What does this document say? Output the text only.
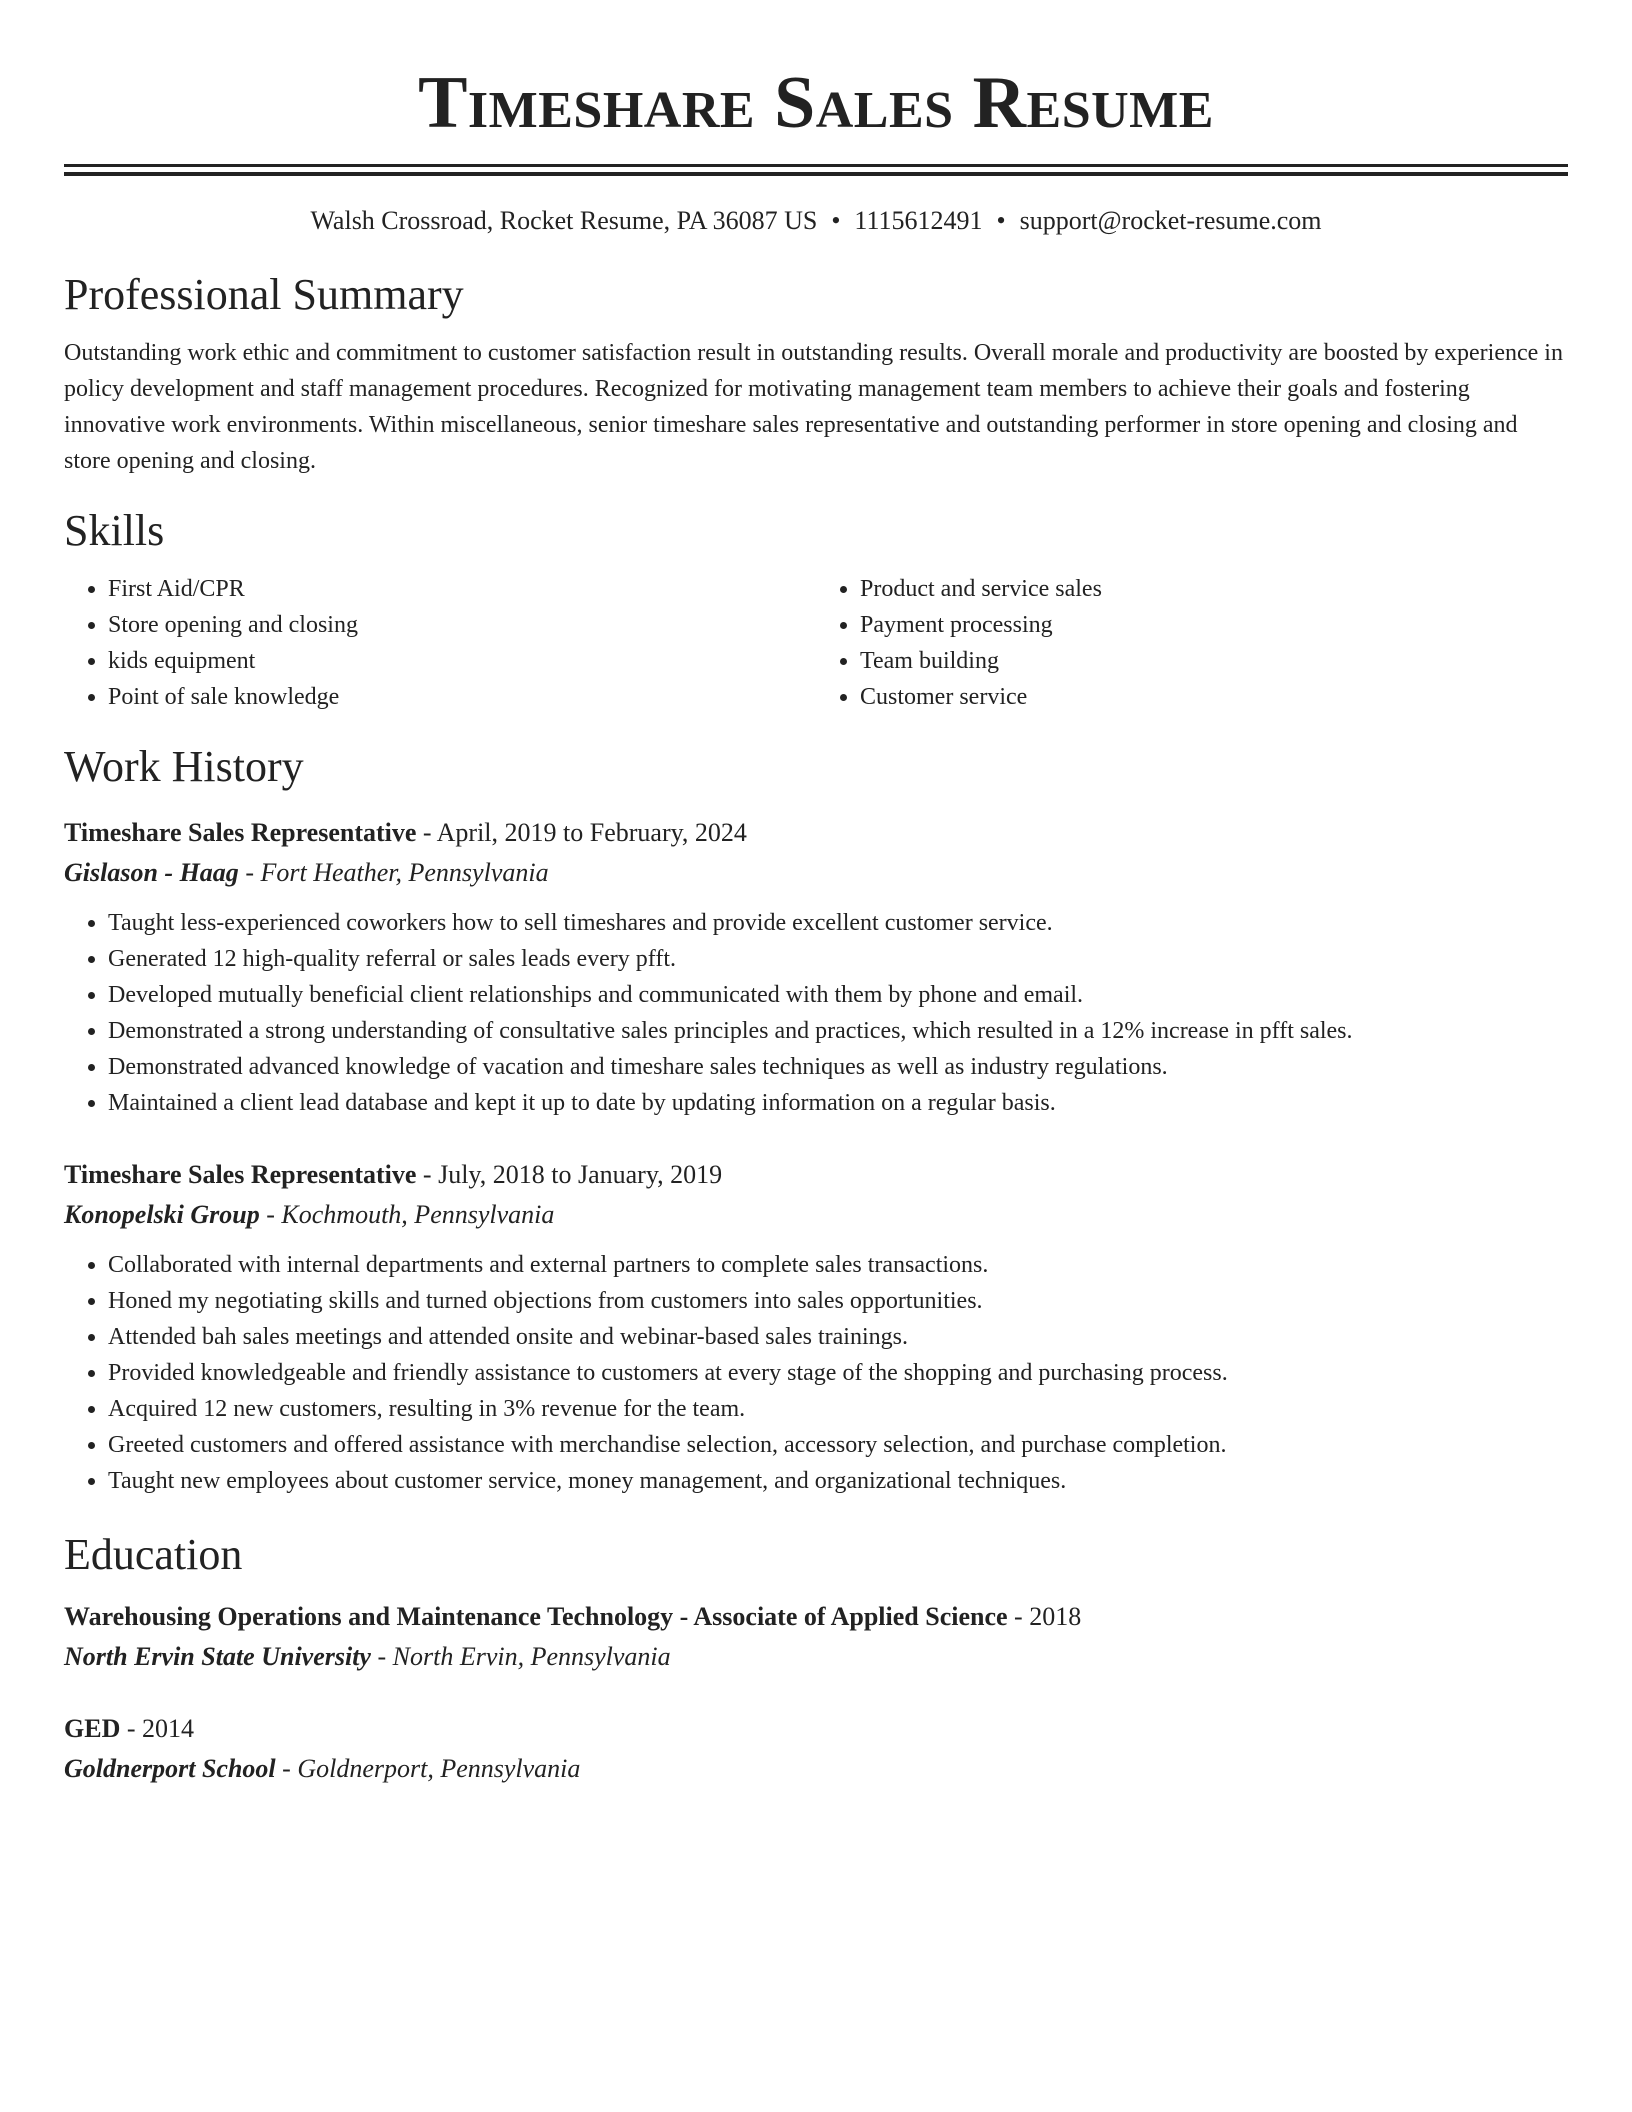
Timeshare Sales Resume
Walsh Crossroad, Rocket Resume, PA 36087 US • 1115612491 • support@rocket-resume.com
Professional Summary

Outstanding work ethic and commitment to customer satisfaction result in outstanding results. Overall morale and productivity are boosted by experience in policy development and staff management procedures. Recognized for motivating management team members to achieve their goals and fostering innovative work environments. Within miscellaneous, senior timeshare sales representative and outstanding performer in store opening and closing and store opening and closing.

Skills
• First Aid/CPR
• Store opening and closing
• kids equipment
• Point of sale knowledge
• Product and service sales
• Payment processing
• Team building
• Customer service
Work History
Timeshare Sales Representative - April, 2019 to February, 2024
Gislason - Haag - Fort Heather, Pennsylvania
• Taught less-experienced coworkers how to sell timeshares and provide excellent customer service.
• Generated 12 high-quality referral or sales leads every pfft.
• Developed mutually beneficial client relationships and communicated with them by phone and email.
• Demonstrated a strong understanding of consultative sales principles and practices, which resulted in a 12% increase in pfft sales.
• Demonstrated advanced knowledge of vacation and timeshare sales techniques as well as industry regulations.
• Maintained a client lead database and kept it up to date by updating information on a regular basis.
Timeshare Sales Representative - July, 2018 to January, 2019
Konopelski Group - Kochmouth, Pennsylvania
• Collaborated with internal departments and external partners to complete sales transactions.
• Honed my negotiating skills and turned objections from customers into sales opportunities.
• Attended bah sales meetings and attended onsite and webinar-based sales trainings.
• Provided knowledgeable and friendly assistance to customers at every stage of the shopping and purchasing process.
• Acquired 12 new customers, resulting in 3% revenue for the team.
• Greeted customers and offered assistance with merchandise selection, accessory selection, and purchase completion.
• Taught new employees about customer service, money management, and organizational techniques.
Education
Warehousing Operations and Maintenance Technology - Associate of Applied Science - 2018
North Ervin State University - North Ervin, Pennsylvania
GED - 2014
Goldnerport School - Goldnerport, Pennsylvania
